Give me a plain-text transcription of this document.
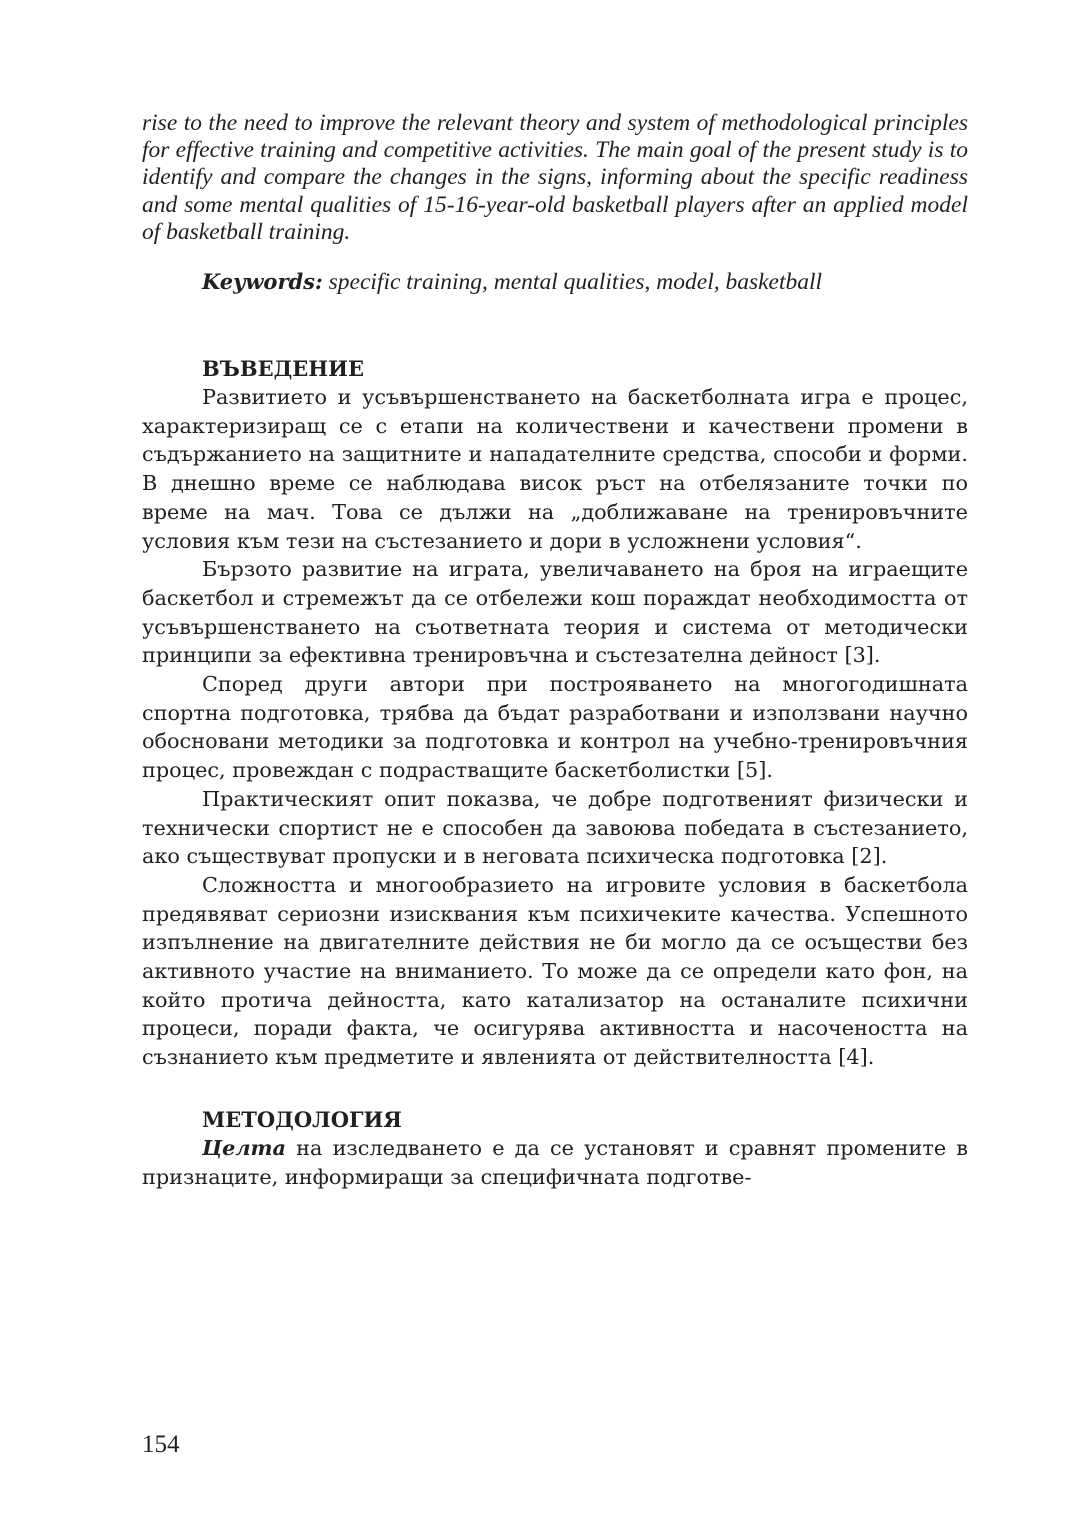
rise to the need to improve the relevant theory and system of methodological principles for effective training and competitive activities. The main goal of the present study is to identify and compare the changes in the signs, informing about the specific readiness and some mental qualities of 15-16-year-old basketball players after an applied model of basketball training.

Keywords: specific training, mental qualities, model, basketball

ВЪВЕДЕНИЕ

Развитието и усъвършенстването на баскетболната игра е процес, характеризиращ се с етапи на количествени и качествени промени в съдържанието на защитните и нападателните средства, способи и форми. В днешно време се наблюдава висок ръст на отбелязаните точки по време на мач. Това се дължи на „доближаване на тренировъчните условия към тези на състезанието и дори в усложнени условия“.

Бързото развитие на играта, увеличаването на броя на играещите баскетбол и стремежът да се отбележи кош пораждат необходимостта от усъвършенстването на съответната теория и система от методически принципи за ефективна тренировъчна и състезателна дейност [3].

Според други автори при построяването на многогодишната спортна подготовка, трябва да бъдат разработвани и използвани научно обосновани методики за подготовка и контрол на учебно-тренировъчния процес, провеждан с подрастващите баскетболистки [5].

Практическият опит показва, че добре подготвеният физически и технически спортист не е способен да завоюва победата в състезанието, ако съществуват пропуски и в неговата психическа подготовка [2].

Сложността и многообразието на игровите условия в баскетбола предявяват сериозни изисквания към психичеките качества. Успешното изпълнение на двигателните действия не би могло да се осъществи без активното участие на вниманието. То може да се определи като фон, на който протича дейността, като катализатор на останалите психични процеси, поради факта, че осигурява активността и насочеността на съзнанието към предметите и явленията от действителността [4].

МЕТОДОЛОГИЯ

Целта на изследването е да се установят и сравнят промените в признаците, информиращи за специфичната подготве-

154
